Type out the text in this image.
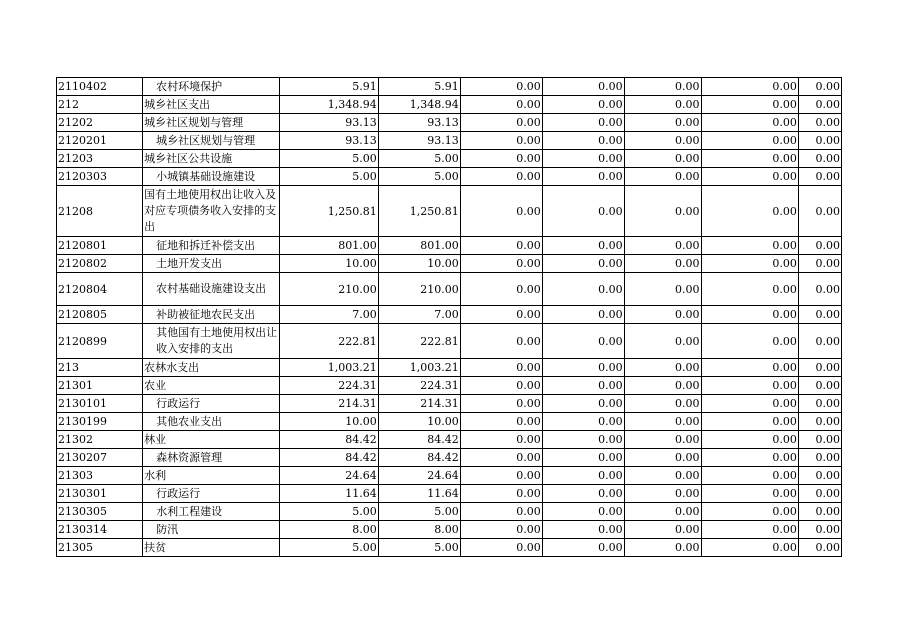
2110402	农村环境保护	5.91	5.91	0.00	0.00	0.00	0.00	0.00
212	城乡社区支出	1,348.94	1,348.94	0.00	0.00	0.00	0.00	0.00
21202	城乡社区规划与管理	93.13	93.13	0.00	0.00	0.00	0.00	0.00
2120201	城乡社区规划与管理	93.13	93.13	0.00	0.00	0.00	0.00	0.00
21203	城乡社区公共设施	5.00	5.00	0.00	0.00	0.00	0.00	0.00
2120303	小城镇基础设施建设	5.00	5.00	0.00	0.00	0.00	0.00	0.00
21208	国有土地使用权出让收入及对应专项债务收入安排的支出	1,250.81	1,250.81	0.00	0.00	0.00	0.00	0.00
2120801	征地和拆迁补偿支出	801.00	801.00	0.00	0.00	0.00	0.00	0.00
2120802	土地开发支出	10.00	10.00	0.00	0.00	0.00	0.00	0.00
2120804	农村基础设施建设支出	210.00	210.00	0.00	0.00	0.00	0.00	0.00
2120805	补助被征地农民支出	7.00	7.00	0.00	0.00	0.00	0.00	0.00
2120899	其他国有土地使用权出让收入安排的支出	222.81	222.81	0.00	0.00	0.00	0.00	0.00
213	农林水支出	1,003.21	1,003.21	0.00	0.00	0.00	0.00	0.00
21301	农业	224.31	224.31	0.00	0.00	0.00	0.00	0.00
2130101	行政运行	214.31	214.31	0.00	0.00	0.00	0.00	0.00
2130199	其他农业支出	10.00	10.00	0.00	0.00	0.00	0.00	0.00
21302	林业	84.42	84.42	0.00	0.00	0.00	0.00	0.00
2130207	森林资源管理	84.42	84.42	0.00	0.00	0.00	0.00	0.00
21303	水利	24.64	24.64	0.00	0.00	0.00	0.00	0.00
2130301	行政运行	11.64	11.64	0.00	0.00	0.00	0.00	0.00
2130305	水利工程建设	5.00	5.00	0.00	0.00	0.00	0.00	0.00
2130314	防汛	8.00	8.00	0.00	0.00	0.00	0.00	0.00
21305	扶贫	5.00	5.00	0.00	0.00	0.00	0.00	0.00
